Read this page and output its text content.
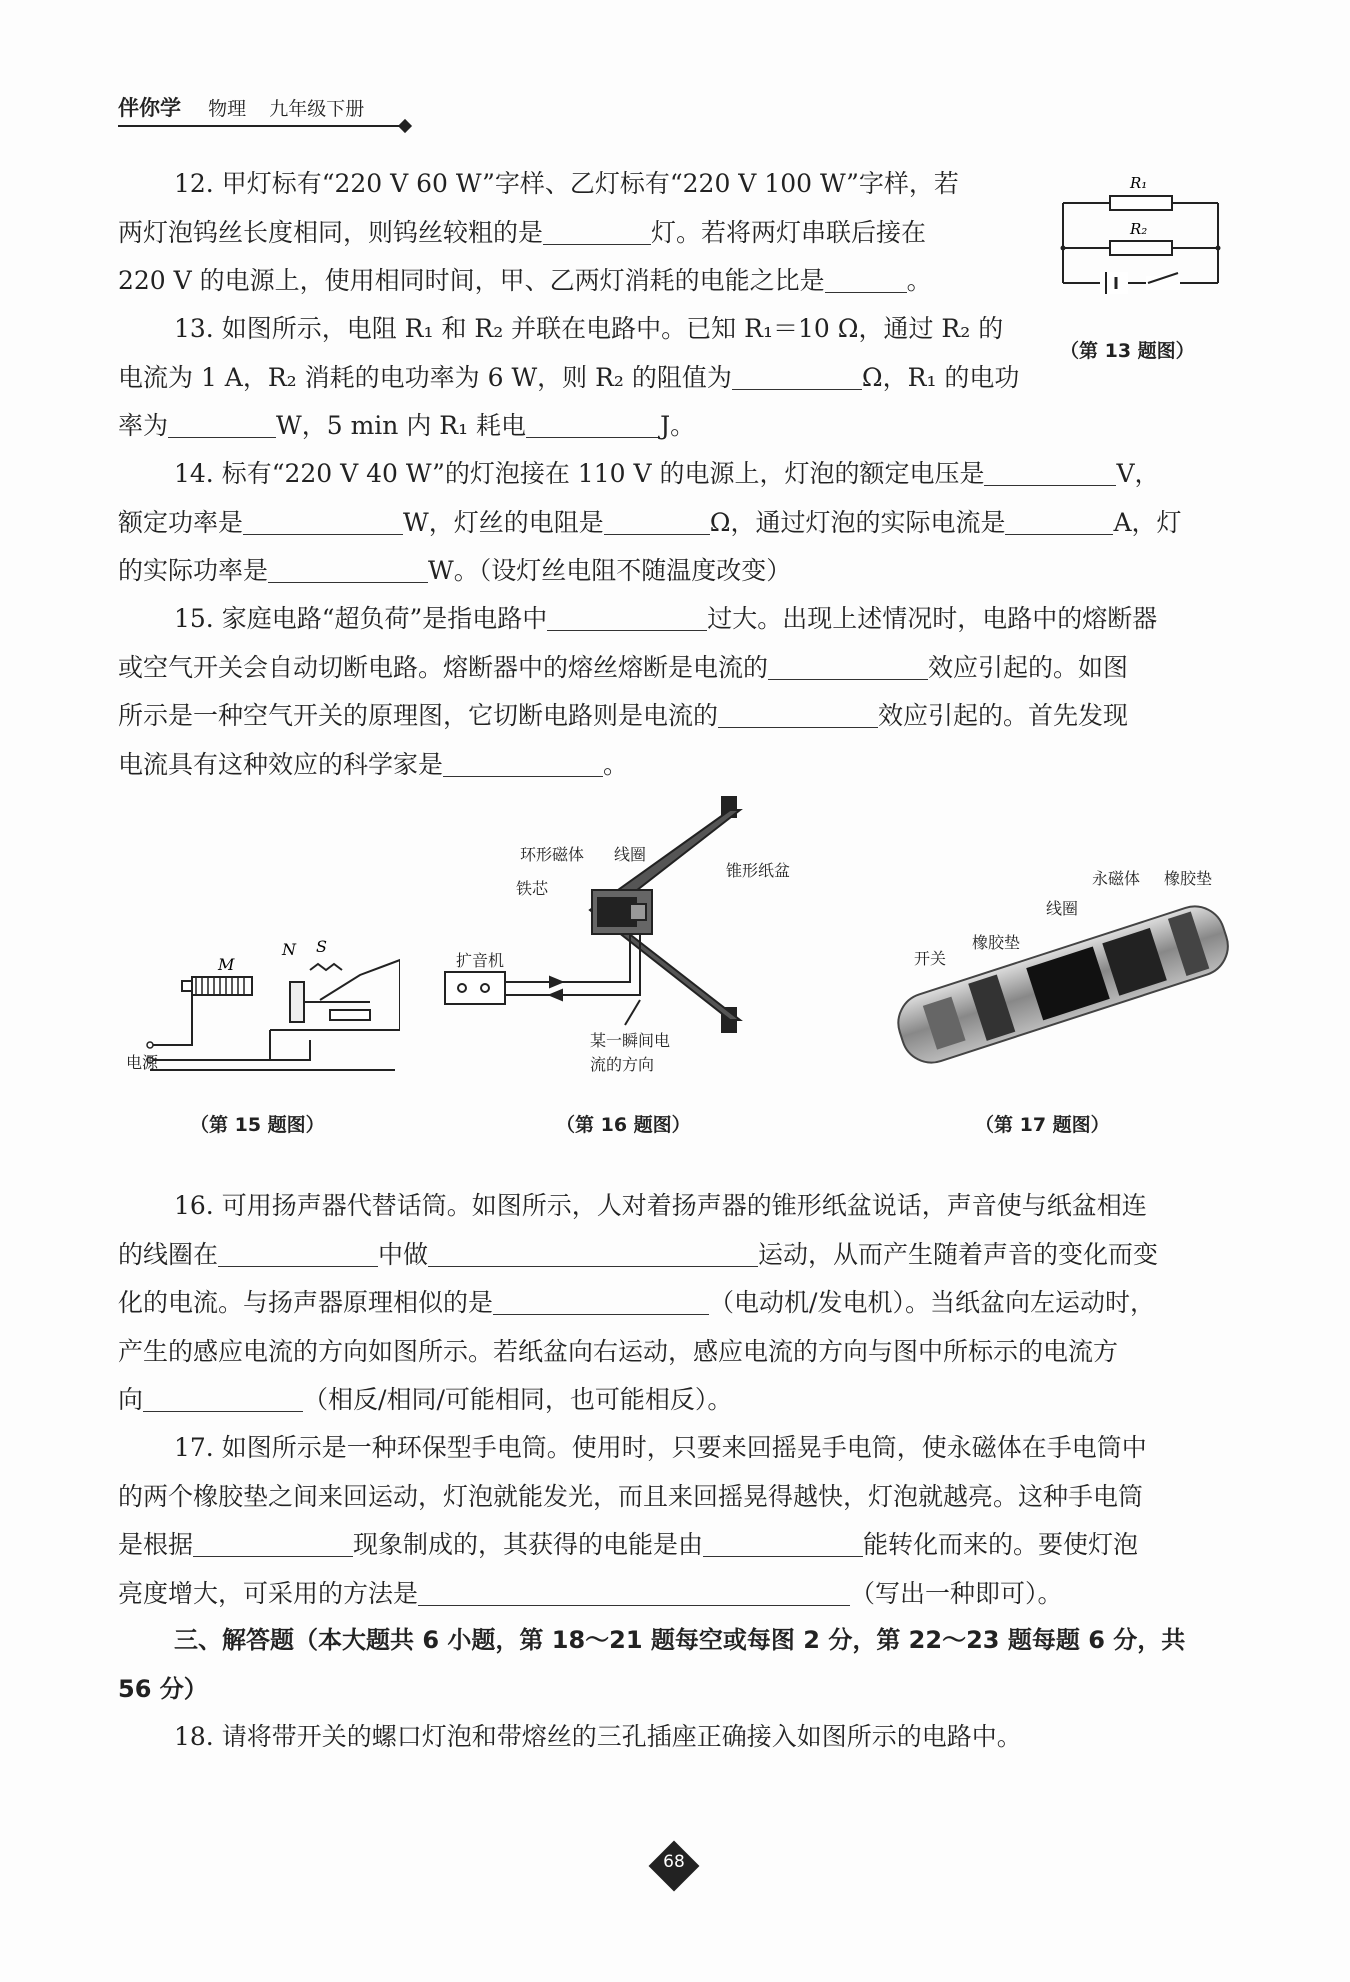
伴你学 物理 九年级下册
12. 甲灯标有“220 V 60 W”字样、乙灯标有“220 V 100 W”字样，若
两灯泡钨丝长度相同，则钨丝较粗的是	灯。若将两灯串联后接在
220 V 的电源上，使用相同时间，甲、乙两灯消耗的电能之比是	。
R₁
R₂
（第 13 题图）
13. 如图所示，电阻 R₁ 和 R₂ 并联在电路中。已知 R₁＝10 Ω，通过 R₂ 的
电流为 1 A，R₂ 消耗的电功率为 6 W，则 R₂ 的阻值为	Ω，R₁ 的电功
率为	W，5 min 内 R₁ 耗电	J。
14. 标有“220 V 40 W”的灯泡接在 110 V 的电源上，灯泡的额定电压是	V，
额定功率是	W，灯丝的电阻是	Ω，通过灯泡的实际电流是	A，灯
的实际功率是	W。（设灯丝电阻不随温度改变）
15. 家庭电路“超负荷”是指电路中	过大。出现上述情况时，电路中的熔断器
或空气开关会自动切断电路。熔断器中的熔丝熔断是电流的	效应引起的。如图
所示是一种空气开关的原理图，它切断电路则是电流的	效应引起的。首先发现
电流具有这种效应的科学家是	。
M
N S
电源
（第 15 题图）
环形磁体 线圈
铁芯
锥形纸盆
扩音机
某一瞬间电
流的方向
（第 16 题图）
永磁体 橡胶垫
线圈
橡胶垫
开关
（第 17 题图）
16. 可用扬声器代替话筒。如图所示，人对着扬声器的锥形纸盆说话，声音使与纸盆相连
的线圈在	中做	运动，从而产生随着声音的变化而变
化的电流。与扬声器原理相似的是	（电动机/发电机）。当纸盆向左运动时，
产生的感应电流的方向如图所示。若纸盆向右运动，感应电流的方向与图中所标示的电流方
向	（相反/相同/可能相同，也可能相反）。
17. 如图所示是一种环保型手电筒。使用时，只要来回摇晃手电筒，使永磁体在手电筒中
的两个橡胶垫之间来回运动，灯泡就能发光，而且来回摇晃得越快，灯泡就越亮。这种手电筒
是根据	现象制成的，其获得的电能是由	能转化而来的。要使灯泡
亮度增大，可采用的方法是	（写出一种即可）。
三、解答题（本大题共 6 小题，第 18～21 题每空或每图 2 分，第 22～23 题每题 6 分，共
56 分）
18. 请将带开关的螺口灯泡和带熔丝的三孔插座正确接入如图所示的电路中。
68
